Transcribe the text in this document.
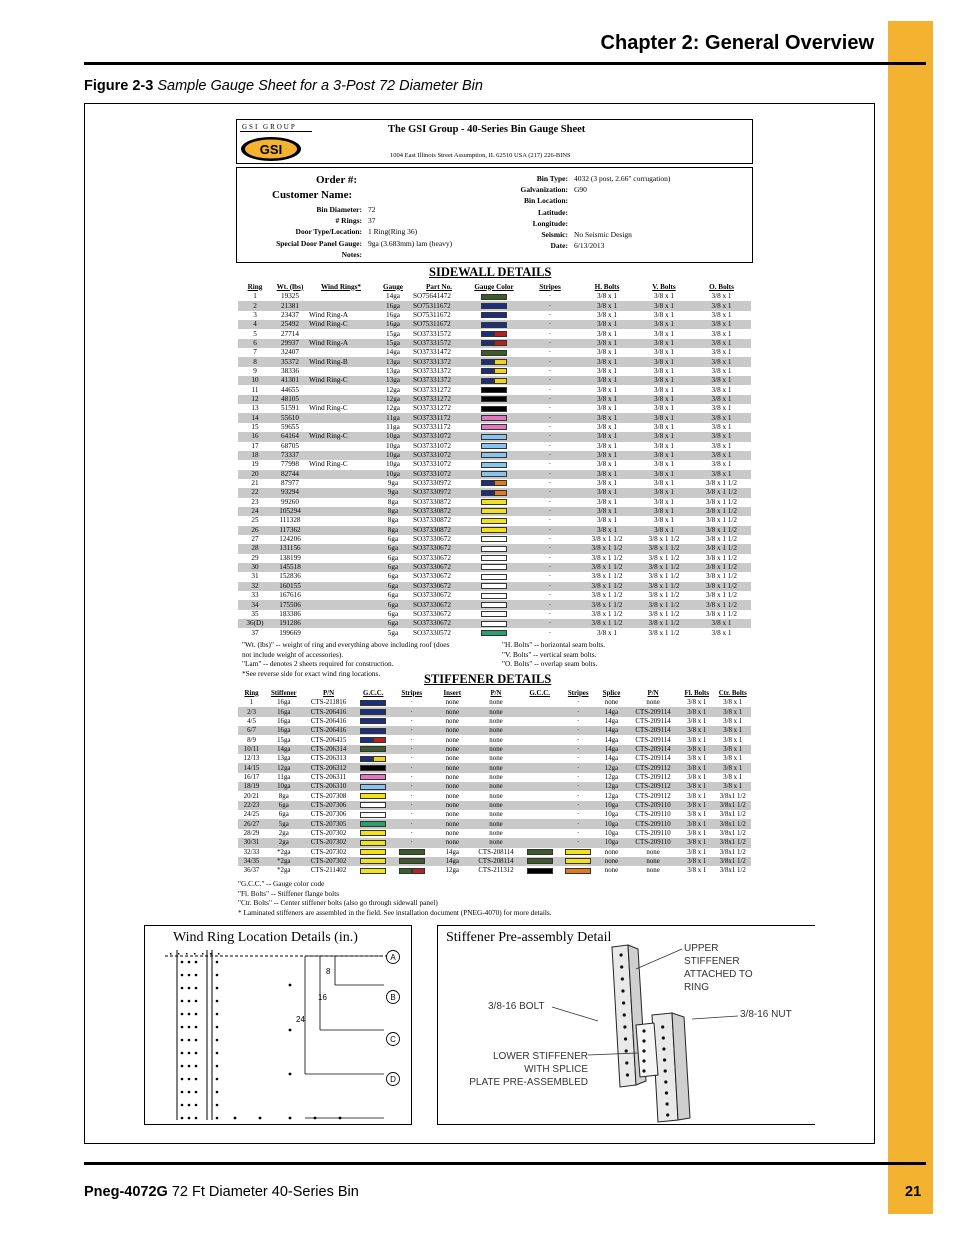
Chapter 2: General Overview
Figure 2-3 Sample Gauge Sheet for a 3-Post 72 Diameter Bin
GSI GROUP
GSI
The GSI Group - 40-Series Bin Gauge Sheet
1004 East Illinois Street Assumption, IL 62510 USA (217) 226-BINS
Order #:
Customer Name:
Bin Diameter: 72
# Rings: 37
Door Type/Location: 1 Ring(Ring 36)
Special Door Panel Gauge: 9ga (3.683mm) lam (heavy)
Notes:
Bin Type: 4032 (3 post, 2.66" corrugation)
Galvanization: G90
Bin Location:
Latitude:
Longitude:
Seismic: No Seismic Design
Date: 6/13/2013
SIDEWALL DETAILS
Ring	Wt. (lbs)	Wind Rings*	Gauge	Part No.	Gauge Color	Stripes	H. Bolts	V. Bolts	O. Bolts
1	19325		14ga	SO75641472		·	3/8 x 1	3/8 x 1	3/8 x 1
2	21381		16ga	SO75311672		·	3/8 x 1	3/8 x 1	3/8 x 1
3	23437	Wind Ring-A	16ga	SO75311672		·	3/8 x 1	3/8 x 1	3/8 x 1
4	25492	Wind Ring-C	16ga	SO75311672		·	3/8 x 1	3/8 x 1	3/8 x 1
5	27714		15ga	SO37331572		·	3/8 x 1	3/8 x 1	3/8 x 1
6	29937	Wind Ring-A	15ga	SO37331572		·	3/8 x 1	3/8 x 1	3/8 x 1
7	32407		14ga	SO37331472		·	3/8 x 1	3/8 x 1	3/8 x 1
8	35372	Wind Ring-B	13ga	SO37331372		·	3/8 x 1	3/8 x 1	3/8 x 1
9	38336		13ga	SO37331372		·	3/8 x 1	3/8 x 1	3/8 x 1
10	41301	Wind Ring-C	13ga	SO37331372		·	3/8 x 1	3/8 x 1	3/8 x 1
11	44655		12ga	SO37331272		·	3/8 x 1	3/8 x 1	3/8 x 1
12	48105		12ga	SO37331272		·	3/8 x 1	3/8 x 1	3/8 x 1
13	51591	Wind Ring-C	12ga	SO37331272		·	3/8 x 1	3/8 x 1	3/8 x 1
14	55610		11ga	SO37331172		·	3/8 x 1	3/8 x 1	3/8 x 1
15	59655		11ga	SO37331172		·	3/8 x 1	3/8 x 1	3/8 x 1
16	64164	Wind Ring-C	10ga	SO37331072		·	3/8 x 1	3/8 x 1	3/8 x 1
17	68705		10ga	SO37331072		·	3/8 x 1	3/8 x 1	3/8 x 1
18	73337		10ga	SO37331072		·	3/8 x 1	3/8 x 1	3/8 x 1
19	77998	Wind Ring-C	10ga	SO37331072		·	3/8 x 1	3/8 x 1	3/8 x 1
20	82744		10ga	SO37331072		·	3/8 x 1	3/8 x 1	3/8 x 1
21	87977		9ga	SO37330972		·	3/8 x 1	3/8 x 1	3/8 x 1 1/2
22	93294		9ga	SO37330972		·	3/8 x 1	3/8 x 1	3/8 x 1 1/2
23	99260		8ga	SO37330872		·	3/8 x 1	3/8 x 1	3/8 x 1 1/2
24	105294		8ga	SO37330872		·	3/8 x 1	3/8 x 1	3/8 x 1 1/2
25	111328		8ga	SO37330872		·	3/8 x 1	3/8 x 1	3/8 x 1 1/2
26	117362		8ga	SO37330872		·	3/8 x 1	3/8 x 1	3/8 x 1 1/2
27	124206		6ga	SO37330672		·	3/8 x 1 1/2	3/8 x 1 1/2	3/8 x 1 1/2
28	131156		6ga	SO37330672		·	3/8 x 1 1/2	3/8 x 1 1/2	3/8 x 1 1/2
29	138199		6ga	SO37330672		·	3/8 x 1 1/2	3/8 x 1 1/2	3/8 x 1 1/2
30	145518		6ga	SO37330672		·	3/8 x 1 1/2	3/8 x 1 1/2	3/8 x 1 1/2
31	152836		6ga	SO37330672		·	3/8 x 1 1/2	3/8 x 1 1/2	3/8 x 1 1/2
32	160155		6ga	SO37330672		·	3/8 x 1 1/2	3/8 x 1 1/2	3/8 x 1 1/2
33	167616		6ga	SO37330672		·	3/8 x 1 1/2	3/8 x 1 1/2	3/8 x 1 1/2
34	175506		6ga	SO37330672		·	3/8 x 1 1/2	3/8 x 1 1/2	3/8 x 1 1/2
35	183386		6ga	SO37330672		·	3/8 x 1 1/2	3/8 x 1 1/2	3/8 x 1 1/2
36(D)	191286		6ga	SO37330672		·	3/8 x 1 1/2	3/8 x 1 1/2	3/8 x 1
37	199669		5ga	SO37330572		·	3/8 x 1	3/8 x 1 1/2	3/8 x 1
"Wt. (lbs)" -- weight of ring and everything above including roof (does
not include weight of accessories).
"Lam" -- denotes 2 sheets required for construction.
*See reverse side for exact wind ring locations.
"H. Bolts" -- horizontal seam bolts.
"V. Bolts" -- vertical seam bolts.
"O. Bolts" -- overlap seam bolts.
STIFFENER DETAILS
Ring	Stiffener	P/N	G.C.C.	Stripes	Insert	P/N	G.C.C.	Stripes	Splice	P/N	Fl. Bolts	Ctr. Bolts
1	16ga	CTS-211816		·	none	none		·	none	none	3/8 x 1	3/8 x 1
2/3	16ga	CTS-206416		·	none	none		·	14ga	CTS-209114	3/8 x 1	3/8 x 1
4/5	16ga	CTS-206416		·	none	none		·	14ga	CTS-209114	3/8 x 1	3/8 x 1
6/7	16ga	CTS-206416		·	none	none		·	14ga	CTS-209114	3/8 x 1	3/8 x 1
8/9	15ga	CTS-206415		·	none	none		·	14ga	CTS-209114	3/8 x 1	3/8 x 1
10/11	14ga	CTS-206314		·	none	none		·	14ga	CTS-209114	3/8 x 1	3/8 x 1
12/13	13ga	CTS-206313		·	none	none		·	14ga	CTS-209114	3/8 x 1	3/8 x 1
14/15	12ga	CTS-206312		·	none	none		·	12ga	CTS-209112	3/8 x 1	3/8 x 1
16/17	11ga	CTS-206311		·	none	none		·	12ga	CTS-209112	3/8 x 1	3/8 x 1
18/19	10ga	CTS-206310		·	none	none		·	12ga	CTS-209112	3/8 x 1	3/8 x 1
20/21	8ga	CTS-207308		·	none	none		·	12ga	CTS-209112	3/8 x 1	3/8x1 1/2
22/23	6ga	CTS-207306		·	none	none		·	10ga	CTS-209110	3/8 x 1	3/8x1 1/2
24/25	6ga	CTS-207306		·	none	none		·	10ga	CTS-209110	3/8 x 1	3/8x1 1/2
26/27	5ga	CTS-207305		·	none	none		·	10ga	CTS-209110	3/8 x 1	3/8x1 1/2
28/29	2ga	CTS-207302		·	none	none		·	10ga	CTS-209110	3/8 x 1	3/8x1 1/2
30/31	2ga	CTS-207302		·	none	none		·	10ga	CTS-209110	3/8 x 1	3/8x1 1/2
32/33	*2ga	CTS-207302			14ga	CTS-208114			none	none	3/8 x 1	3/8x1 1/2
34/35	*2ga	CTS-207302			14ga	CTS-208114			none	none	3/8 x 1	3/8x1 1/2
36/37	*2ga	CTS-211402			12ga	CTS-211312			none	none	3/8 x 1	3/8x1 1/2
"G.C.C." -- Gauge color code
"Fl. Bolts" -- Stiffener flange bolts
"Ctr. Bolts" -- Center stiffener bolts (also go through sidewall panel)
* Laminated stiffeners are assembled in the field. See installation document (PNEG-4070) for more details.
Wind Ring Location Details (in.)
8
16
24
A
B
C
D
Stiffener Pre-assembly Detail
UPPER
STIFFENER
ATTACHED TO
RING
3/8-16 BOLT
3/8-16 NUT
LOWER STIFFENER
WITH SPLICE
PLATE PRE-ASSEMBLED
Pneg-4072G 72 Ft Diameter 40-Series Bin	21
